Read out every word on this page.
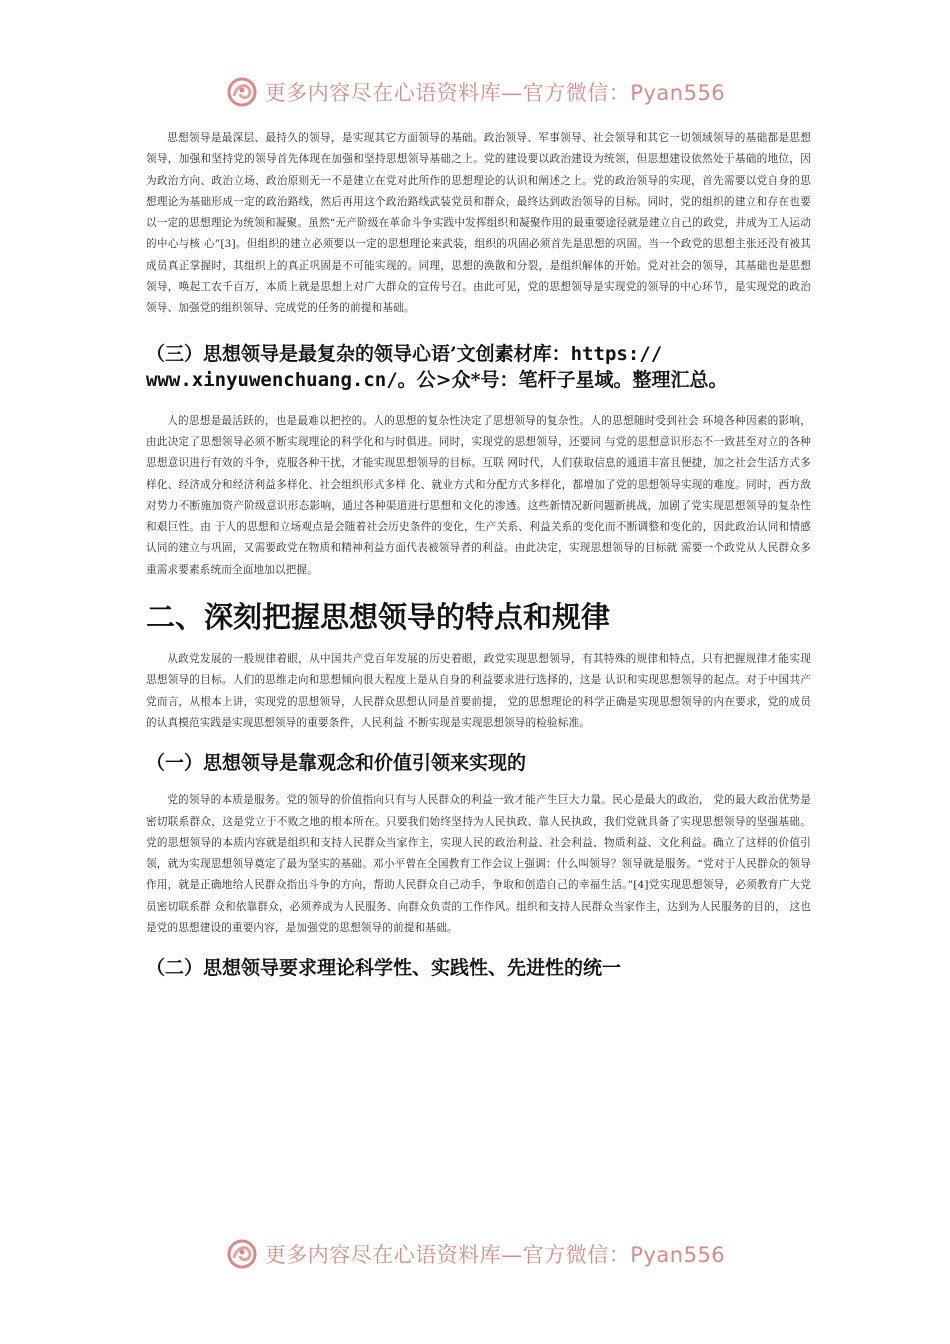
更多内容尽在心语资料库—官方微信：Pyan556

思想领导是最深层、最持久的领导，是实现其它方面领导的基础。政治领导、军事领导、社会领导和其它一切领域领导的基础都是思想领导，加强和坚持党的领导首先体现在加强和坚持思想领导基础之上。党的建设要以政治建设为统领，但思想建设依然处于基础的地位，因为政治方向、政治立场、政治原则无一不是建立在党对此所作的思想理论的认识和阐述之上。党的政治领导的实现，首先需要以党自身的思想理论为基础形成一定的政治路线，然后再用这个政治路线武装党员和群众，最终达到政治领导的目标。同时，党的组织的建立和存在也要以一定的思想理论为统领和凝聚。虽然“无产阶级在革命斗争实践中发挥组织和凝聚作用的最重要途径就是建立自己的政党，并成为工人运动的中心与核 心”[3]。但组织的建立必须要以一定的思想理论来武装，组织的巩固必须首先是思想的巩固。当一个政党的思想主张还没有被其成员真正掌握时，其组织上的真正巩固是不可能实现的。同理，思想的涣散和分裂，是组织解体的开始。党对社会的领导，其基础也是思想领导，唤起工农千百万，本质上就是思想上对广大群众的宣传号召。由此可见，党的思想领导是实现党的领导的中心环节，是实现党的政治领导、加强党的组织领导、完成党的任务的前提和基础。

（三）思想领导是最复杂的领导心语’文创素材库：https://
www.xinyuwenchuang.cn/。公>众*号：笔杆子星域。整理汇总。

人的思想是最活跃的，也是最难以把控的。人的思想的复杂性决定了思想领导的复杂性。人的思想随时受到社会 环境各种因素的影响，由此决定了思想领导必须不断实现理论的科学化和与时俱进。同时，实现党的思想领导，还要同 与党的思想意识形态不一致甚至对立的各种思想意识进行有效的斗争，克服各种干扰，才能实现思想领导的目标。互联 网时代，人们获取信息的通道丰富且便捷，加之社会生活方式多样化、经济成分和经济利益多样化、社会组织形式多样 化、就业方式和分配方式多样化，都增加了党的思想领导实现的难度。同时，西方敌对势力不断施加资产阶级意识形态影响，通过各种渠道进行思想和文化的渗透。这些新情况新问题新挑战，加剧了党实现思想领导的复杂性和艰巨性。由 于人的思想和立场观点是会随着社会历史条件的变化，生产关系、利益关系的变化而不断调整和变化的，因此政治认同和情感认同的建立与巩固，又需要政党在物质和精神利益方面代表被领导者的利益。由此决定，实现思想领导的目标就 需要一个政党从人民群众多重需求要素系统而全面地加以把握。

二、深刻把握思想领导的特点和规律

从政党发展的一般规律着眼，从中国共产党百年发展的历史着眼，政党实现思想领导，有其特殊的规律和特点，只有把握规律才能实现思想领导的目标。人们的思维走向和思想倾向很大程度上是从自身的利益要求进行选择的，这是 认识和实现思想领导的起点。对于中国共产党而言，从根本上讲，实现党的思想领导，人民群众思想认同是首要前提， 党的思想理论的科学正确是实现思想领导的内在要求，党的成员的认真模范实践是实现思想领导的重要条件，人民利益 不断实现是实现思想领导的检验标准。

（一）思想领导是靠观念和价值引领来实现的

党的领导的本质是服务。党的领导的价值指向只有与人民群众的利益一致才能产生巨大力量。民心是最大的政治， 党的最大政治优势是密切联系群众，这是党立于不败之地的根本所在。只要我们始终坚持为人民执政、靠人民执政，我们党就具备了实现思想领导的坚强基础。党的思想领导的本质内容就是组织和支持人民群众当家作主，实现人民的政治利益、社会利益、物质利益、文化利益。确立了这样的价值引领，就为实现思想领导奠定了最为坚实的基础。邓小平曾在全国教育工作会议上强调：什么叫领导？领导就是服务。“党对于人民群众的领导作用，就是正确地给人民群众指出斗争的方向，帮助人民群众自己动手，争取和创造自己的幸福生活。”[4]党实现思想领导，必须教育广大党员密切联系群 众和依靠群众，必须养成为人民服务、向群众负责的工作作风。组织和支持人民群众当家作主，达到为人民服务的目的， 这也是党的思想建设的重要内容，是加强党的思想领导的前提和基础。

（二）思想领导要求理论科学性、实践性、先进性的统一
更多内容尽在心语资料库—官方微信：Pyan556
